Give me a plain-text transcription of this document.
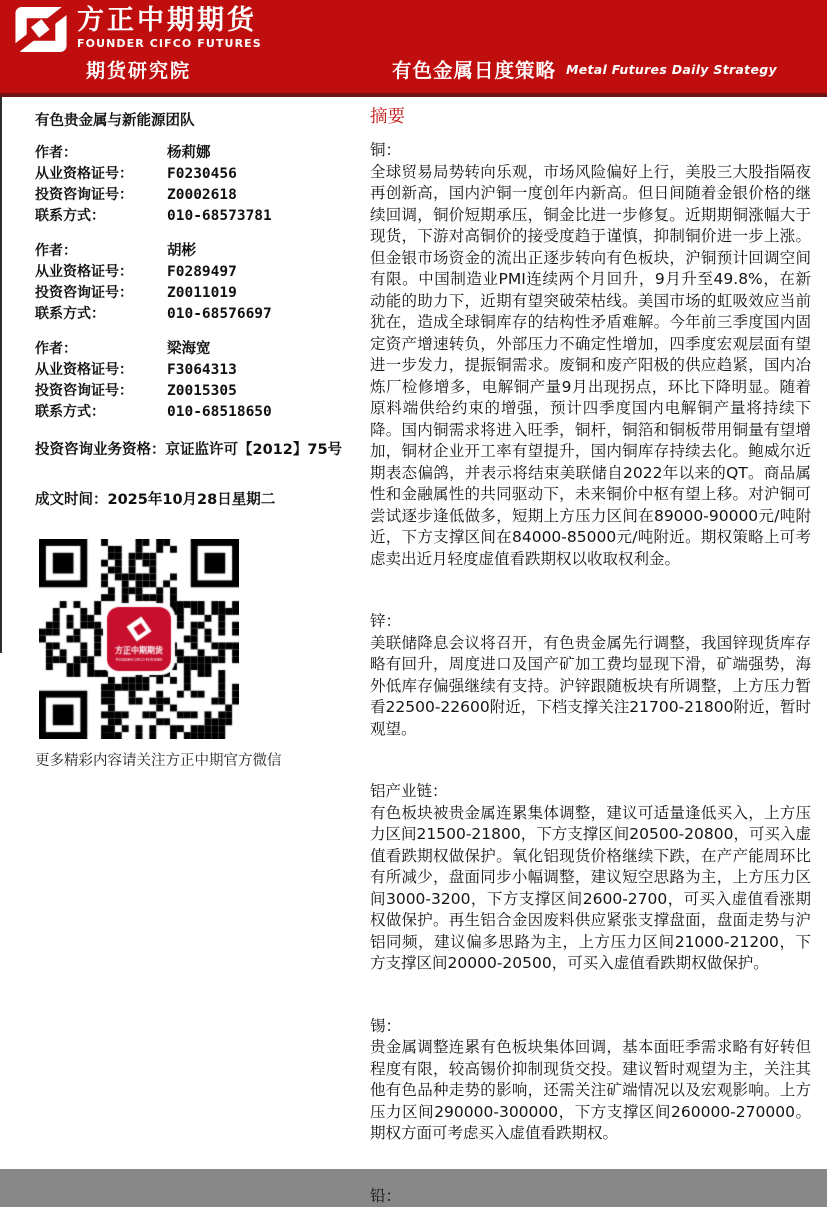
方正中期期货
FOUNDER CIFCO FUTURES
期货研究院	有色金属日度策略 Metal Futures Daily Strategy
有色贵金属与新能源团队
作者：	杨莉娜
从业资格证号：	F0230456
投资咨询证号：	Z0002618
联系方式：	010-68573781
作者：	胡彬
从业资格证号：	F0289497
投资咨询证号：	Z0011019
联系方式：	010-68576697
作者：	梁海宽
从业资格证号：	F3064313
投资咨询证号：	Z0015305
联系方式：	010-68518650
投资咨询业务资格：京证监许可【2012】75号
成文时间：2025年10月28日星期二
更多精彩内容请关注方正中期官方微信
摘要
铜：
全球贸易局势转向乐观，市场风险偏好上行，美股三大股指隔夜再创新高，国内沪铜一度创年内新高。但日间随着金银价格的继续回调，铜价短期承压，铜金比进一步修复。近期期铜涨幅大于现货，下游对高铜价的接受度趋于谨慎，抑制铜价进一步上涨。但金银市场资金的流出正逐步转向有色板块，沪铜预计回调空间有限。中国制造业PMI连续两个月回升，9月升至49.8%，在新动能的助力下，近期有望突破荣枯线。美国市场的虹吸效应当前犹在，造成全球铜库存的结构性矛盾难解。今年前三季度国内固定资产增速转负，外部压力不确定性增加，四季度宏观层面有望进一步发力，提振铜需求。废铜和废产阳极的供应趋紧，国内冶炼厂检修增多，电解铜产量9月出现拐点，环比下降明显。随着原料端供给约束的增强，预计四季度国内电解铜产量将持续下降。国内铜需求将进入旺季，铜杆，铜箔和铜板带用铜量有望增加，铜材企业开工率有望提升，国内铜库存持续去化。鲍威尔近期表态偏鸽，并表示将结束美联储自2022年以来的QT。商品属性和金融属性的共同驱动下，未来铜价中枢有望上移。对沪铜可尝试逐步逢低做多，短期上方压力区间在89000-90000元/吨附近，下方支撑区间在84000-85000元/吨附近。期权策略上可考虑卖出近月轻度虚值看跌期权以收取权利金。
锌：
美联储降息会议将召开，有色贵金属先行调整，我国锌现货库存略有回升，周度进口及国产矿加工费均显现下滑，矿端强势，海外低库存偏强继续有支持。沪锌跟随板块有所调整，上方压力暂看22500-22600附近，下档支撑关注21700-21800附近，暂时观望。
铝产业链：
有色板块被贵金属连累集体调整，建议可适量逢低买入，上方压力区间21500-21800，下方支撑区间20500-20800，可买入虚值看跌期权做保护。氧化铝现货价格继续下跌，在产产能周环比有所减少，盘面同步小幅调整，建议短空思路为主，上方压力区间3000-3200，下方支撑区间2600-2700，可买入虚值看涨期权做保护。再生铝合金因废料供应紧张支撑盘面，盘面走势与沪铝同频，建议偏多思路为主，上方压力区间21000-21200，下方支撑区间20000-20500，可买入虚值看跌期权做保护。
锡：
贵金属调整连累有色板块集体回调，基本面旺季需求略有好转但程度有限，较高锡价抑制现货交投。建议暂时观望为主，关注其他有色品种走势的影响，还需关注矿端情况以及宏观影响。上方压力区间290000-300000，下方支撑区间260000-270000。期权方面可考虑买入虚值看跌期权。
铅：
